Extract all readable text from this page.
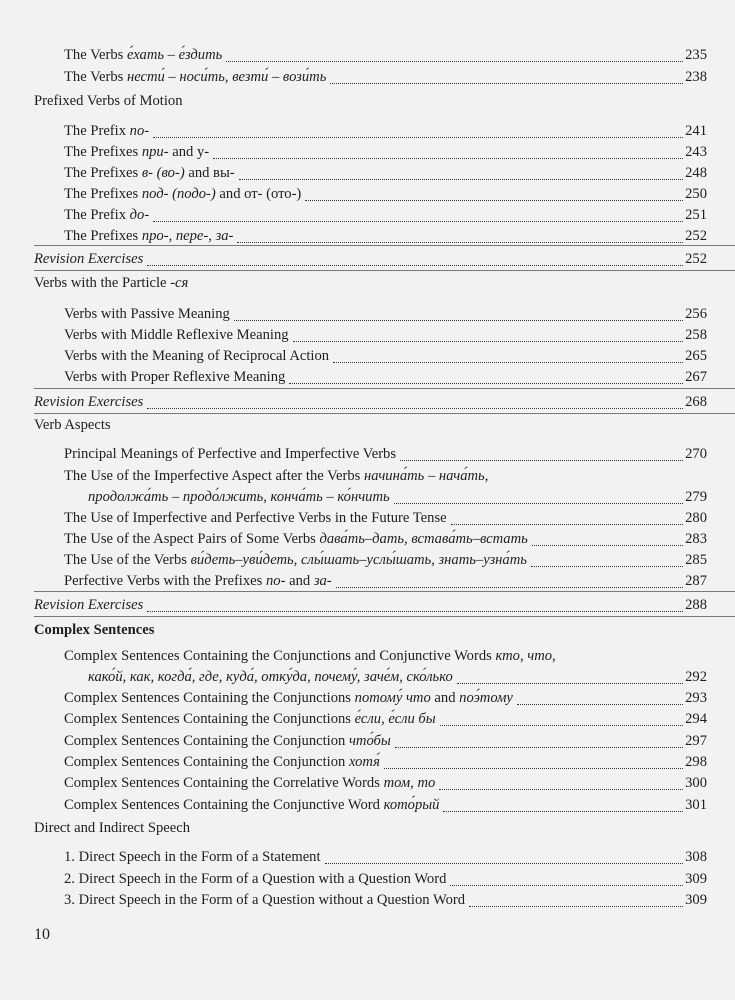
The Verbs е́хать – е́здить	235
The Verbs нести́ – носи́ть, везти́ – вози́ть	238
Prefixed Verbs of Motion
The Prefix по-	241
The Prefixes при- and у-	243
The Prefixes в- (во-) and вы-	248
The Prefixes под- (подо-) and от- (ото-)	250
The Prefix до-	251
The Prefixes про-, пере-, за-	252
Revision Exercises	252
Verbs with the Particle -ся
Verbs with Passive Meaning	256
Verbs with Middle Reflexive Meaning	258
Verbs with the Meaning of Reciprocal Action	265
Verbs with Proper Reflexive Meaning	267
Revision Exercises	268
Verb Aspects
Principal Meanings of Perfective and Imperfective Verbs	270
The Use of the Imperfective Aspect after the Verbs начина́ть – нача́ть,
продолжа́ть – продо́лжить, конча́ть – ко́нчить	279
The Use of Imperfective and Perfective Verbs in the Future Tense	280
The Use of the Aspect Pairs of Some Verbs дава́ть–дать, встава́ть–встать	283
The Use of the Verbs ви́деть–уви́деть, слы́шать–услы́шать, знать–узна́ть	285
Perfective Verbs with the Prefixes по- and за-	287
Revision Exercises	288
Complex Sentences
Complex Sentences Containing the Conjunctions and Conjunctive Words кто, что,
како́й, как, когда́, где, куда́, отку́да, почему́, заче́м, ско́лько	292
Complex Sentences Containing the Conjunctions потому́ что and поэ́тому	293
Complex Sentences Containing the Conjunctions е́сли, е́сли бы	294
Complex Sentences Containing the Conjunction что́бы	297
Complex Sentences Containing the Conjunction хотя́	298
Complex Sentences Containing the Correlative Words том, то	300
Complex Sentences Containing the Conjunctive Word кото́рый	301
Direct and Indirect Speech
1. Direct Speech in the Form of a Statement	308
2. Direct Speech in the Form of a Question with a Question Word	309
3. Direct Speech in the Form of a Question without a Question Word	309
10
